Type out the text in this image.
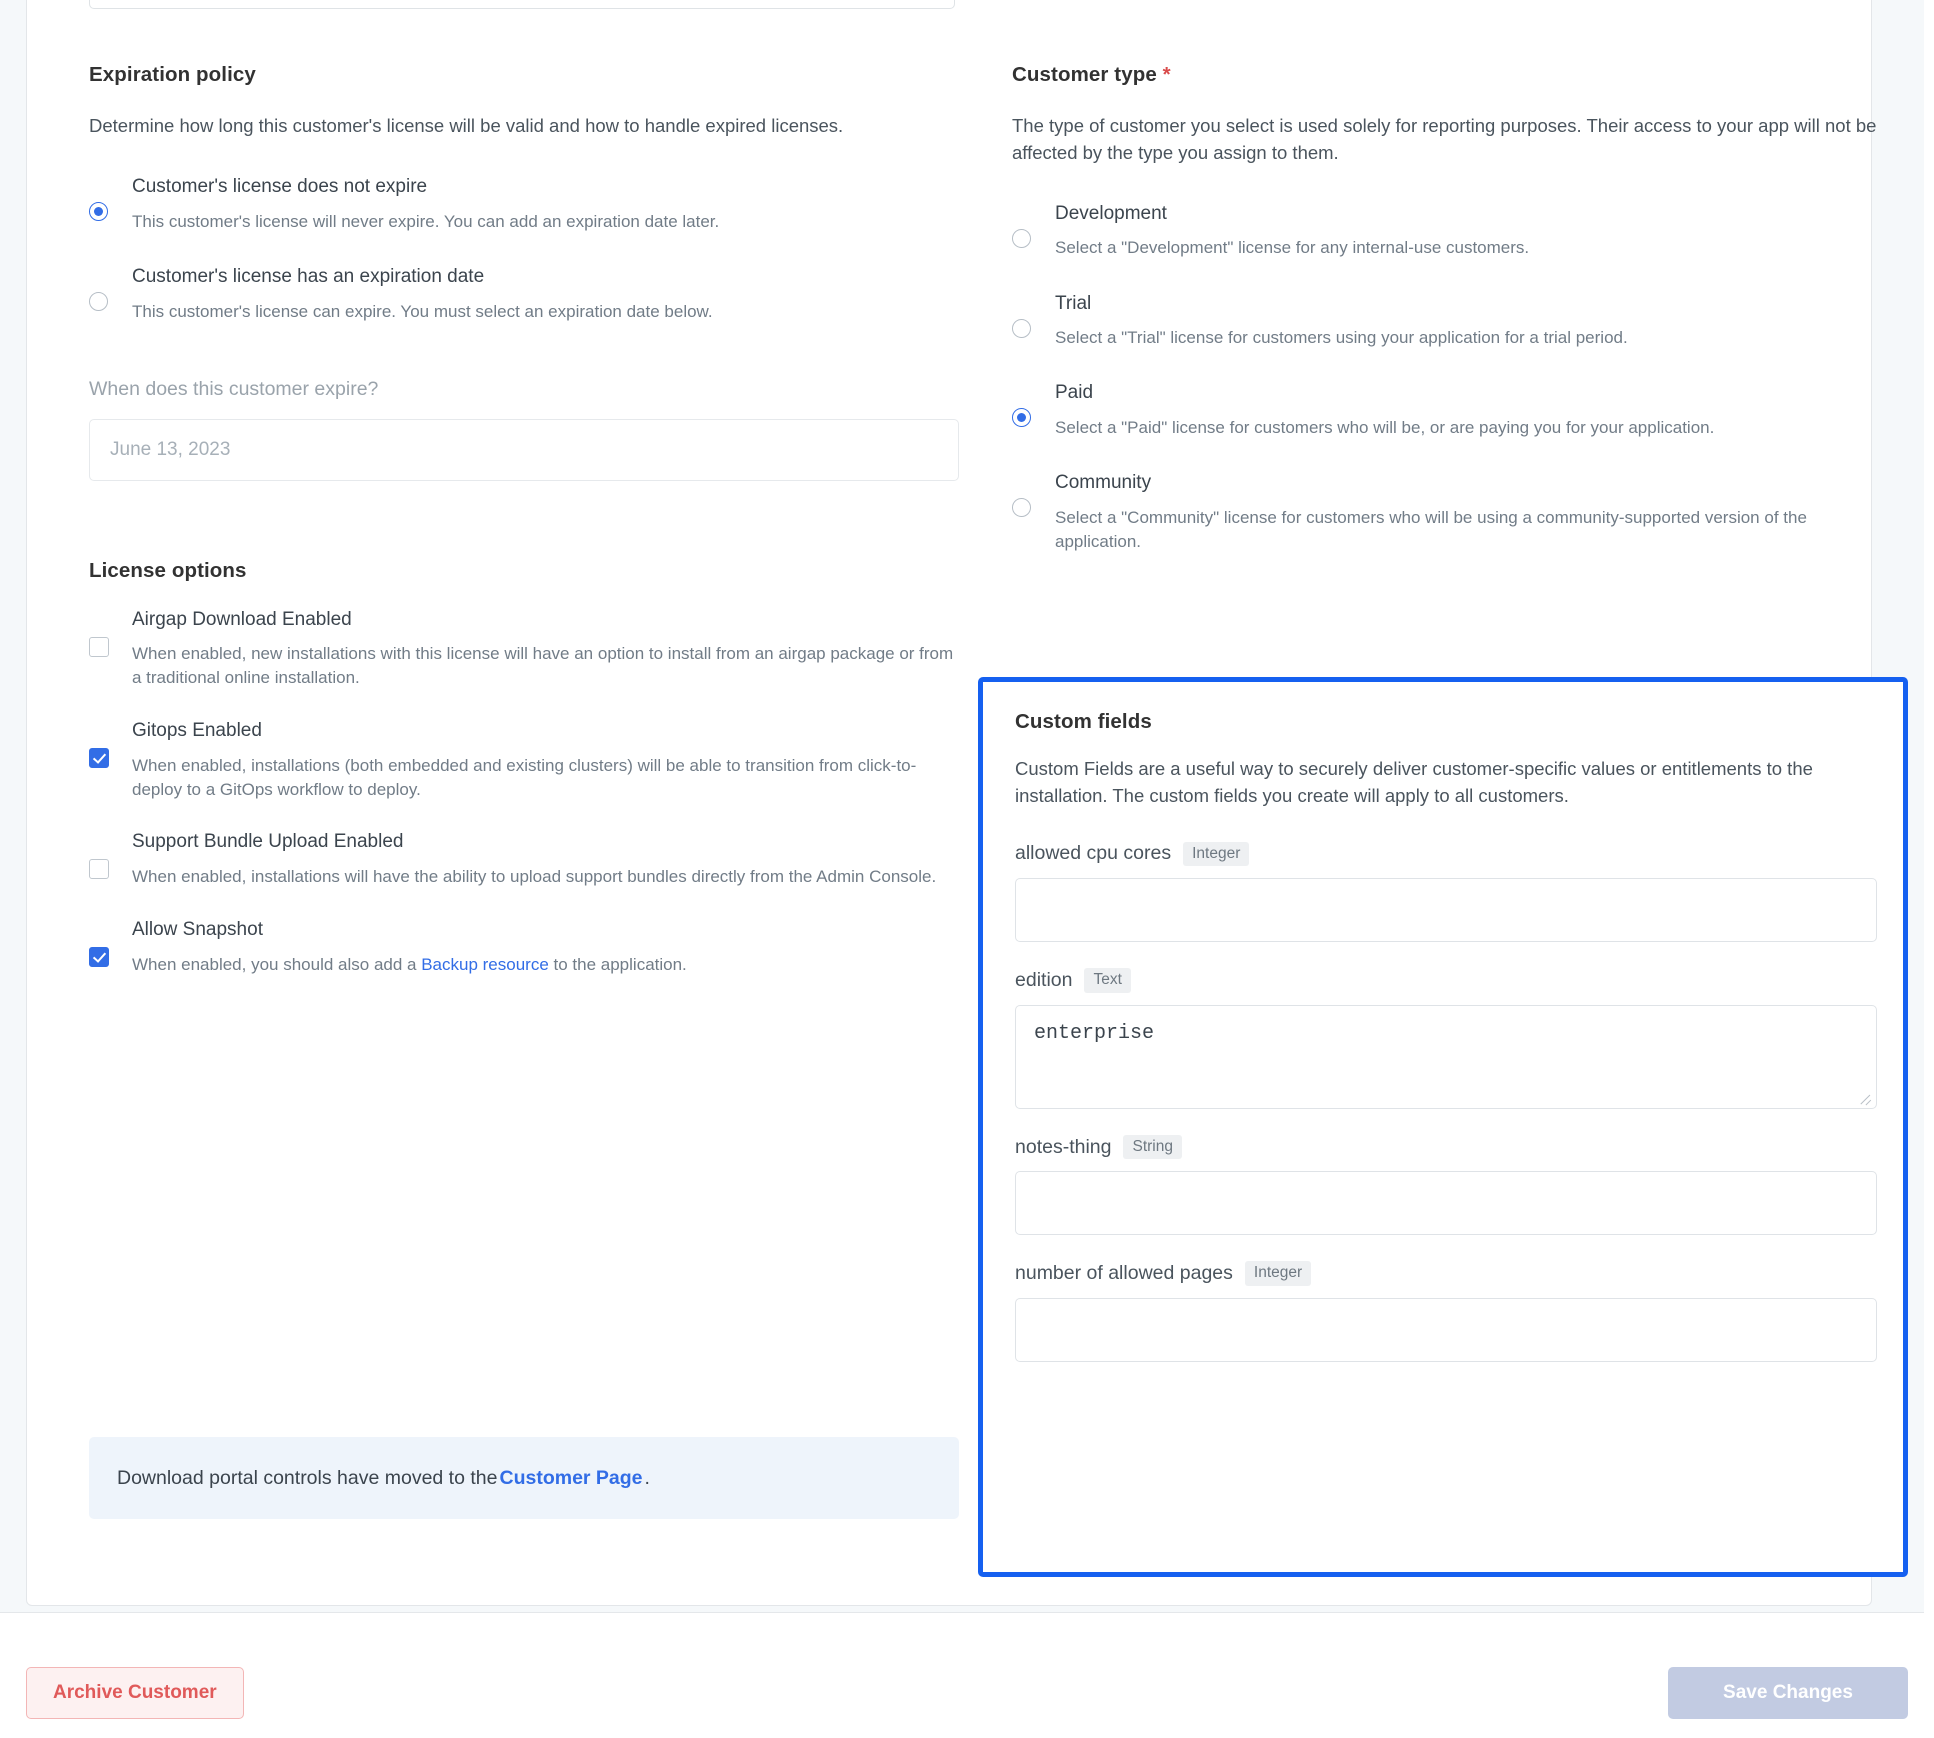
Expiration policy

Determine how long this customer's license will be valid and how to handle expired licenses.

Customer's license does not expire

This customer's license will never expire. You can add an expiration date later.

Customer's license has an expiration date

This customer's license can expire. You must select an expiration date below.

When does this customer expire?

June 13, 2023
License options

Airgap Download Enabled

When enabled, new installations with this license will have an option to install from an airgap package or from a traditional online installation.

Gitops Enabled

When enabled, installations (both embedded and existing clusters) will be able to transition from click-to-deploy to a GitOps workflow to deploy.

Support Bundle Upload Enabled

When enabled, installations will have the ability to upload support bundles directly from the Admin Console.

Allow Snapshot

When enabled, you should also add a Backup resource to the application.

Customer type *

The type of customer you select is used solely for reporting purposes. Their access to your app will not be affected by the type you assign to them.

Development

Select a "Development" license for any internal-use customers.

Trial

Select a "Trial" license for customers using your application for a trial period.

Paid

Select a "Paid" license for customers who will be, or are paying you for your application.

Community

Select a "Community" license for customers who will be using a community-supported version of the application.

Download portal controls have moved to the Customer Page .
Custom fields

Custom Fields are a useful way to securely deliver customer-specific values or entitlements to the installation. The custom fields you create will apply to all customers.

allowed cpu cores	Integer
edition	Text
enterprise
notes-thing	String
number of allowed pages	Integer
Archive Customer	Save Changes
